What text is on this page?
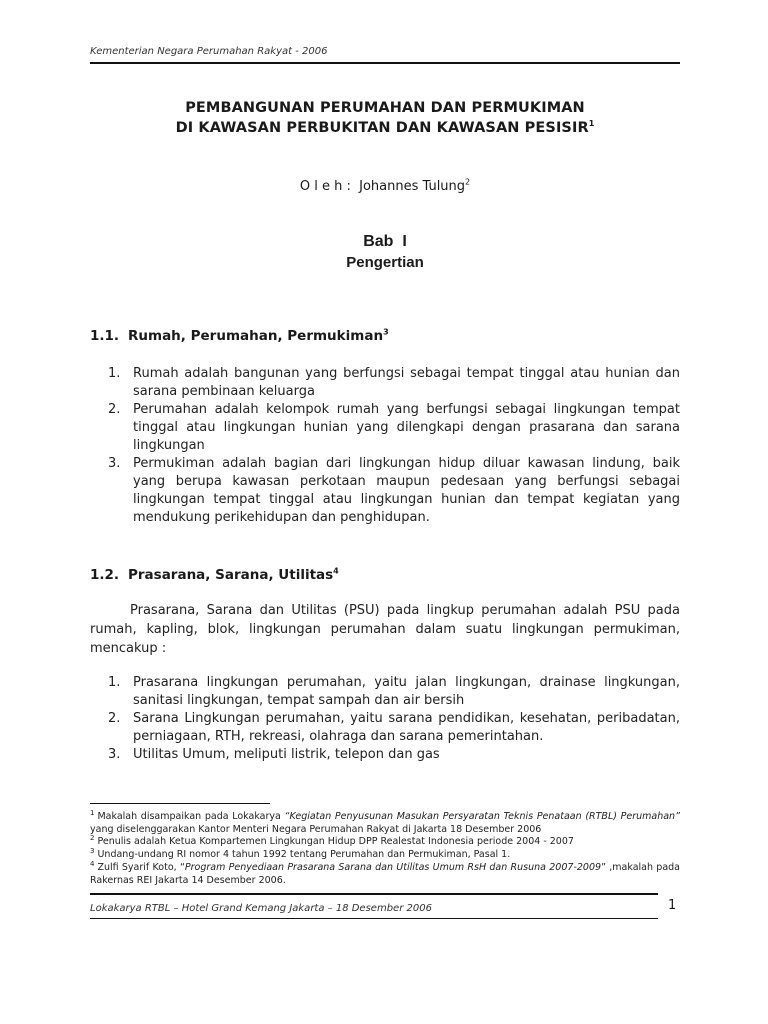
Kementerian Negara Perumahan Rakyat - 2006
PEMBANGUNAN PERUMAHAN DAN PERMUKIMAN
DI KAWASAN PERBUKITAN DAN KAWASAN PESISIR$^1$
O l e h :  Johannes Tulung$^2$
Bab  I
Pengertian
1.1. Rumah, Perumahan, Permukiman$^3$
1. Rumah adalah bangunan yang berfungsi sebagai tempat tinggal atau hunian dan sarana pembinaan keluarga
2. Perumahan adalah kelompok rumah yang berfungsi sebagai lingkungan tempat tinggal atau lingkungan hunian yang dilengkapi dengan prasarana dan sarana lingkungan
3. Permukiman adalah bagian dari lingkungan hidup diluar kawasan lindung, baik yang berupa kawasan perkotaan maupun pedesaan yang berfungsi sebagai lingkungan tempat tinggal atau lingkungan hunian dan tempat kegiatan yang mendukung perikehidupan dan penghidupan.
1.2. Prasarana, Sarana, Utilitas$^4$

Prasarana, Sarana dan Utilitas (PSU) pada lingkup perumahan adalah PSU pada rumah, kapling, blok, lingkungan perumahan dalam suatu lingkungan permukiman, mencakup :

1. Prasarana lingkungan perumahan, yaitu jalan lingkungan, drainase lingkungan, sanitasi lingkungan, tempat sampah dan air bersih
2. Sarana Lingkungan perumahan, yaitu sarana pendidikan, kesehatan, peribadatan, perniagaan, RTH, rekreasi, olahraga dan sarana pemerintahan.
3. Utilitas Umum, meliputi listrik, telepon dan gas
$^1$ Makalah disampaikan pada Lokakarya “Kegiatan Penyusunan Masukan Persyaratan Teknis Penataan (RTBL) Perumahan” yang diselenggarakan Kantor Menteri Negara Perumahan Rakyat di Jakarta 18 Desember 2006
$^2$ Penulis adalah Ketua Kompartemen Lingkungan Hidup DPP Realestat Indonesia periode 2004 - 2007
$^3$ Undang-undang RI nomor 4 tahun 1992 tentang Perumahan dan Permukiman, Pasal 1.
$^4$ Zulfi Syarif Koto, “Program Penyediaan Prasarana Sarana dan Utilitas Umum RsH dan Rusuna 2007-2009” ,makalah pada Rakernas REI Jakarta 14 Desember 2006.
Lokakarya RTBL – Hotel Grand Kemang Jakarta – 18 Desember 2006	1
